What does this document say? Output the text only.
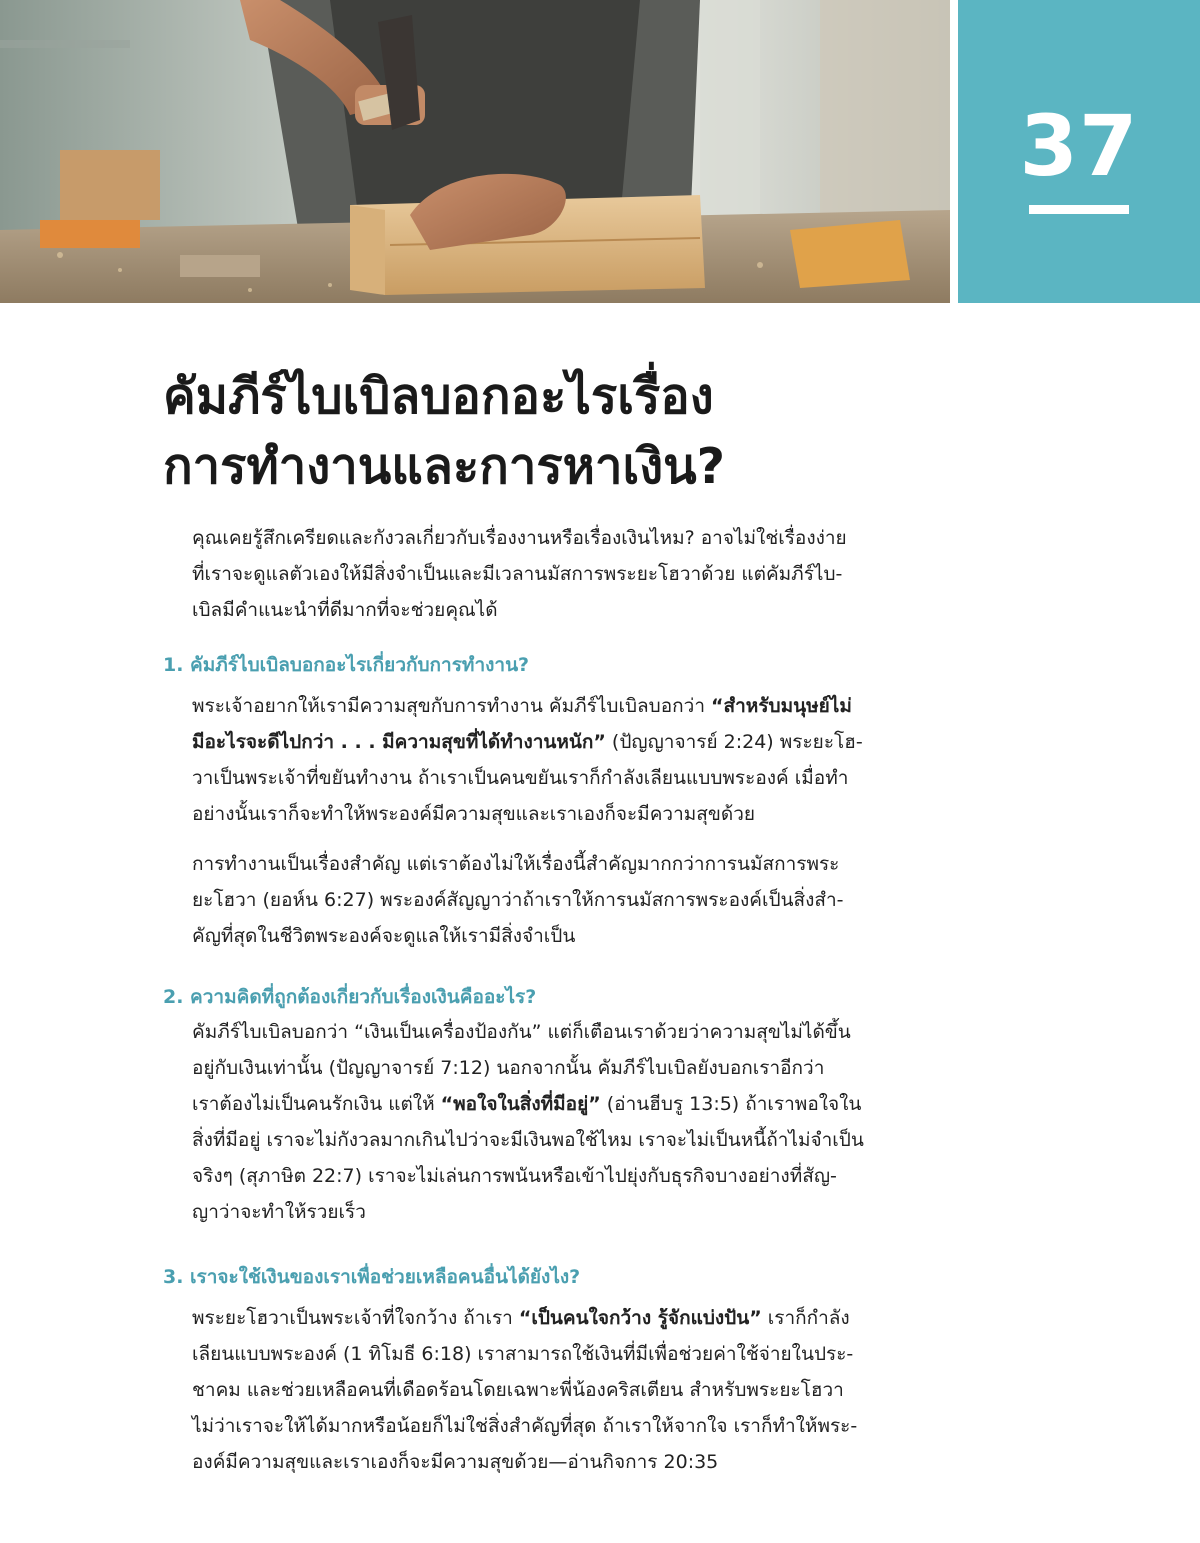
37
คัมภีร์ไบเบิลบอกอะไรเรื่อง
การทำงานและการหาเงิน?

คุณเคยรู้สึกเครียดและกังวลเกี่ยวกับเรื่องงานหรือเรื่องเงินไหม? อาจไม่ใช่เรื่องง่าย
ที่เราจะดูแลตัวเองให้มีสิ่งจำเป็นและมีเวลานมัสการพระยะโฮวาด้วย แต่คัมภีร์ไบ-
เบิลมีคำแนะนำที่ดีมากที่จะช่วยคุณได้

1. คัมภีร์ไบเบิลบอกอะไรเกี่ยวกับการทำงาน?

พระเจ้าอยากให้เรามีความสุขกับการทำงาน คัมภีร์ไบเบิลบอกว่า “สำหรับมนุษย์ไม่
มีอะไรจะดีไปกว่า . . . มีความสุขที่ได้ทำงานหนัก” (ปัญญาจารย์ 2:24) พระยะโฮ-
วาเป็นพระเจ้าที่ขยันทำงาน ถ้าเราเป็นคนขยันเราก็กำลังเลียนแบบพระองค์ เมื่อทำ
อย่างนั้นเราก็จะทำให้พระองค์มีความสุขและเราเองก็จะมีความสุขด้วย

การทำงานเป็นเรื่องสำคัญ แต่เราต้องไม่ให้เรื่องนี้สำคัญมากกว่าการนมัสการพระ
ยะโฮวา (ยอห์น 6:27) พระองค์สัญญาว่าถ้าเราให้การนมัสการพระองค์เป็นสิ่งสำ-
คัญที่สุดในชีวิตพระองค์จะดูแลให้เรามีสิ่งจำเป็น

2. ความคิดที่ถูกต้องเกี่ยวกับเรื่องเงินคืออะไร?

คัมภีร์ไบเบิลบอกว่า “เงินเป็นเครื่องป้องกัน” แต่ก็เตือนเราด้วยว่าความสุขไม่ได้ขึ้น
อยู่กับเงินเท่านั้น (ปัญญาจารย์ 7:12) นอกจากนั้น คัมภีร์ไบเบิลยังบอกเราอีกว่า
เราต้องไม่เป็นคนรักเงิน แต่ให้ “พอใจในสิ่งที่มีอยู่” (อ่านฮีบรู 13:5) ถ้าเราพอใจใน
สิ่งที่มีอยู่ เราจะไม่กังวลมากเกินไปว่าจะมีเงินพอใช้ไหม เราจะไม่เป็นหนี้ถ้าไม่จำเป็น
จริงๆ (สุภาษิต 22:7) เราจะไม่เล่นการพนันหรือเข้าไปยุ่งกับธุรกิจบางอย่างที่สัญ-
ญาว่าจะทำให้รวยเร็ว

3. เราจะใช้เงินของเราเพื่อช่วยเหลือคนอื่นได้ยังไง?

พระยะโฮวาเป็นพระเจ้าที่ใจกว้าง ถ้าเรา “เป็นคนใจกว้าง รู้จักแบ่งปัน” เราก็กำลัง
เลียนแบบพระองค์ (1 ทิโมธี 6:18) เราสามารถใช้เงินที่มีเพื่อช่วยค่าใช้จ่ายในประ-
ชาคม และช่วยเหลือคนที่เดือดร้อนโดยเฉพาะพี่น้องคริสเตียน สำหรับพระยะโฮวา
ไม่ว่าเราจะให้ได้มากหรือน้อยก็ไม่ใช่สิ่งสำคัญที่สุด ถ้าเราให้จากใจ เราก็ทำให้พระ-
องค์มีความสุขและเราเองก็จะมีความสุขด้วย—อ่านกิจการ 20:35
